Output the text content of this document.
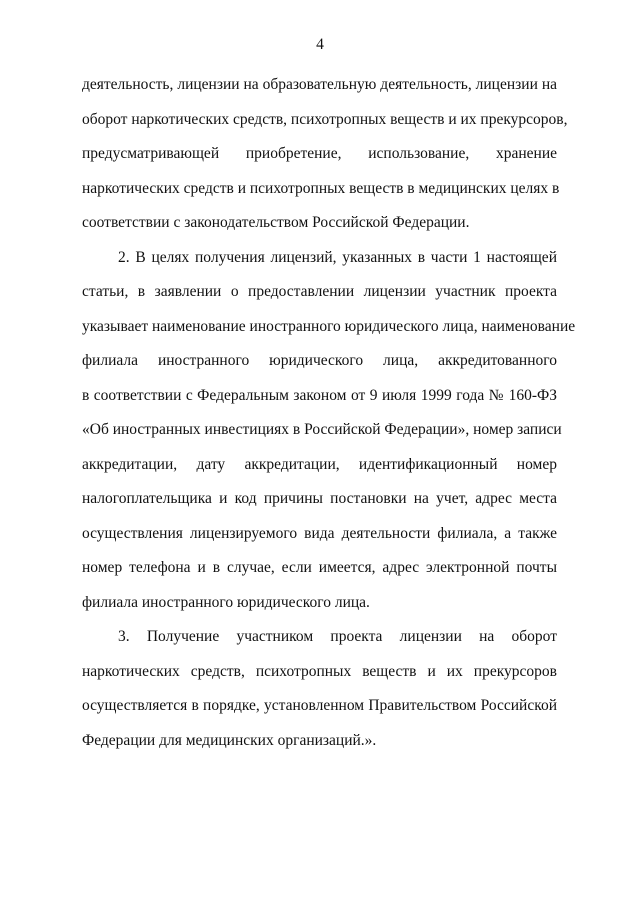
4
деятельность, лицензии на образовательную деятельность, лицензии на
оборот наркотических средств, психотропных веществ и их прекурсоров,
предусматривающей приобретение, использование, хранение
наркотических средств и психотропных веществ в медицинских целях в
соответствии с законодательством Российской Федерации.
2. В целях получения лицензий, указанных в части 1 настоящей
статьи, в заявлении о предоставлении лицензии участник проекта
указывает наименование иностранного юридического лица, наименование
филиала иностранного юридического лица, аккредитованного
в соответствии с Федеральным законом от 9 июля 1999 года № 160-ФЗ
«Об иностранных инвестициях в Российской Федерации», номер записи
аккредитации, дату аккредитации, идентификационный номер
налогоплательщика и код причины постановки на учет, адрес места
осуществления лицензируемого вида деятельности филиала, а также
номер телефона и в случае, если имеется, адрес электронной почты
филиала иностранного юридического лица.
3. Получение участником проекта лицензии на оборот
наркотических средств, психотропных веществ и их прекурсоров
осуществляется в порядке, установленном Правительством Российской
Федерации для медицинских организаций.».
